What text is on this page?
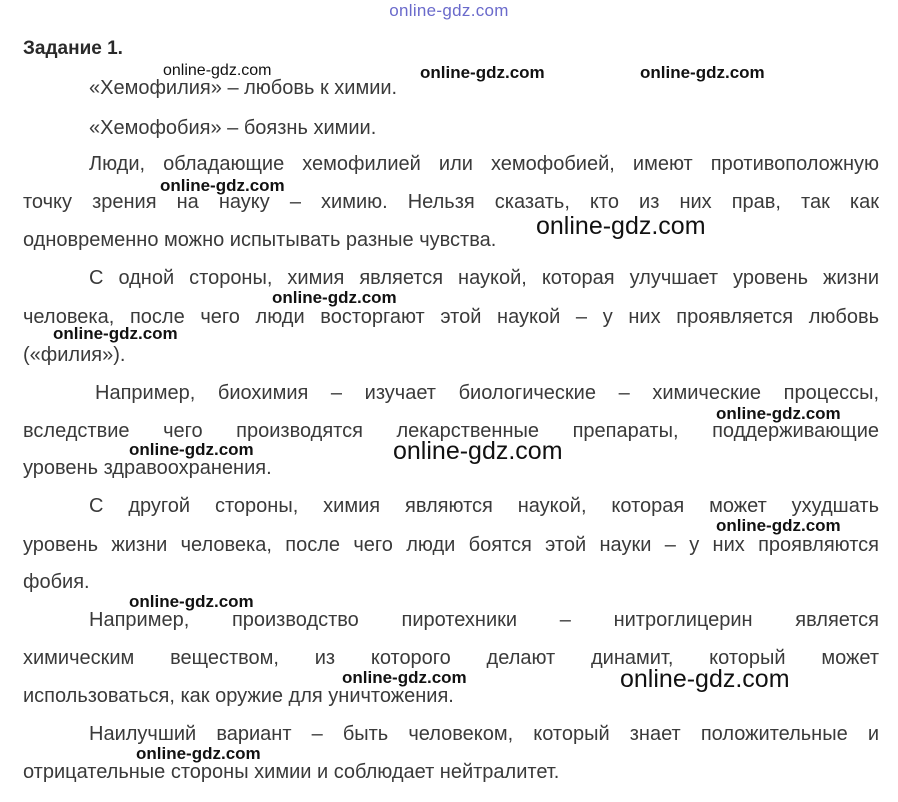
online-gdz.com
Задание 1.
«Хемофилия» – любовь к химии.
«Хемофобия» – боязнь химии.
Люди, обладающие хемофилией или хемофобией, имеют противоположную
точку зрения на науку – химию. Нельзя сказать, кто из них прав, так как
одновременно можно испытывать разные чувства.
С одной стороны, химия является наукой, которая улучшает уровень жизни
человека, после чего люди восторгают этой наукой – у них проявляется любовь
(«филия»).
Например, биохимия – изучает биологические – химические процессы,
вследствие чего производятся лекарственные препараты, поддерживающие
уровень здравоохранения.
С другой стороны, химия являются наукой, которая может ухудшать
уровень жизни человека, после чего люди боятся этой науки – у них проявляются
фобия.
Например, производство пиротехники – нитроглицерин является
химическим веществом, из которого делают динамит, который может
использоваться, как оружие для уничтожения.
Наилучший вариант – быть человеком, который знает положительные и
отрицательные стороны химии и соблюдает нейтралитет.
online-gdz.com	online-gdz.com	online-gdz.com
online-gdz.com
online-gdz.com
online-gdz.com
online-gdz.com
online-gdz.com
online-gdz.com	online-gdz.com
online-gdz.com
online-gdz.com
online-gdz.com	online-gdz.com
online-gdz.com
